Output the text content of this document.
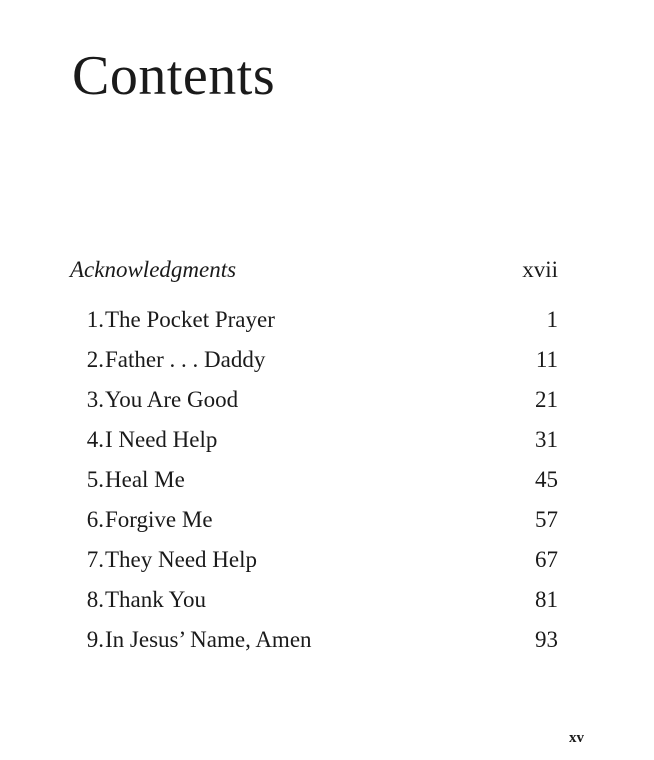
Contents
Acknowledgments	xvii
1. The Pocket Prayer	1
2. Father . . . Daddy	11
3. You Are Good	21
4. I Need Help	31
5. Heal Me	45
6. Forgive Me	57
7. They Need Help	67
8. Thank You	81
9. In Jesus’ Name, Amen	93
xv
